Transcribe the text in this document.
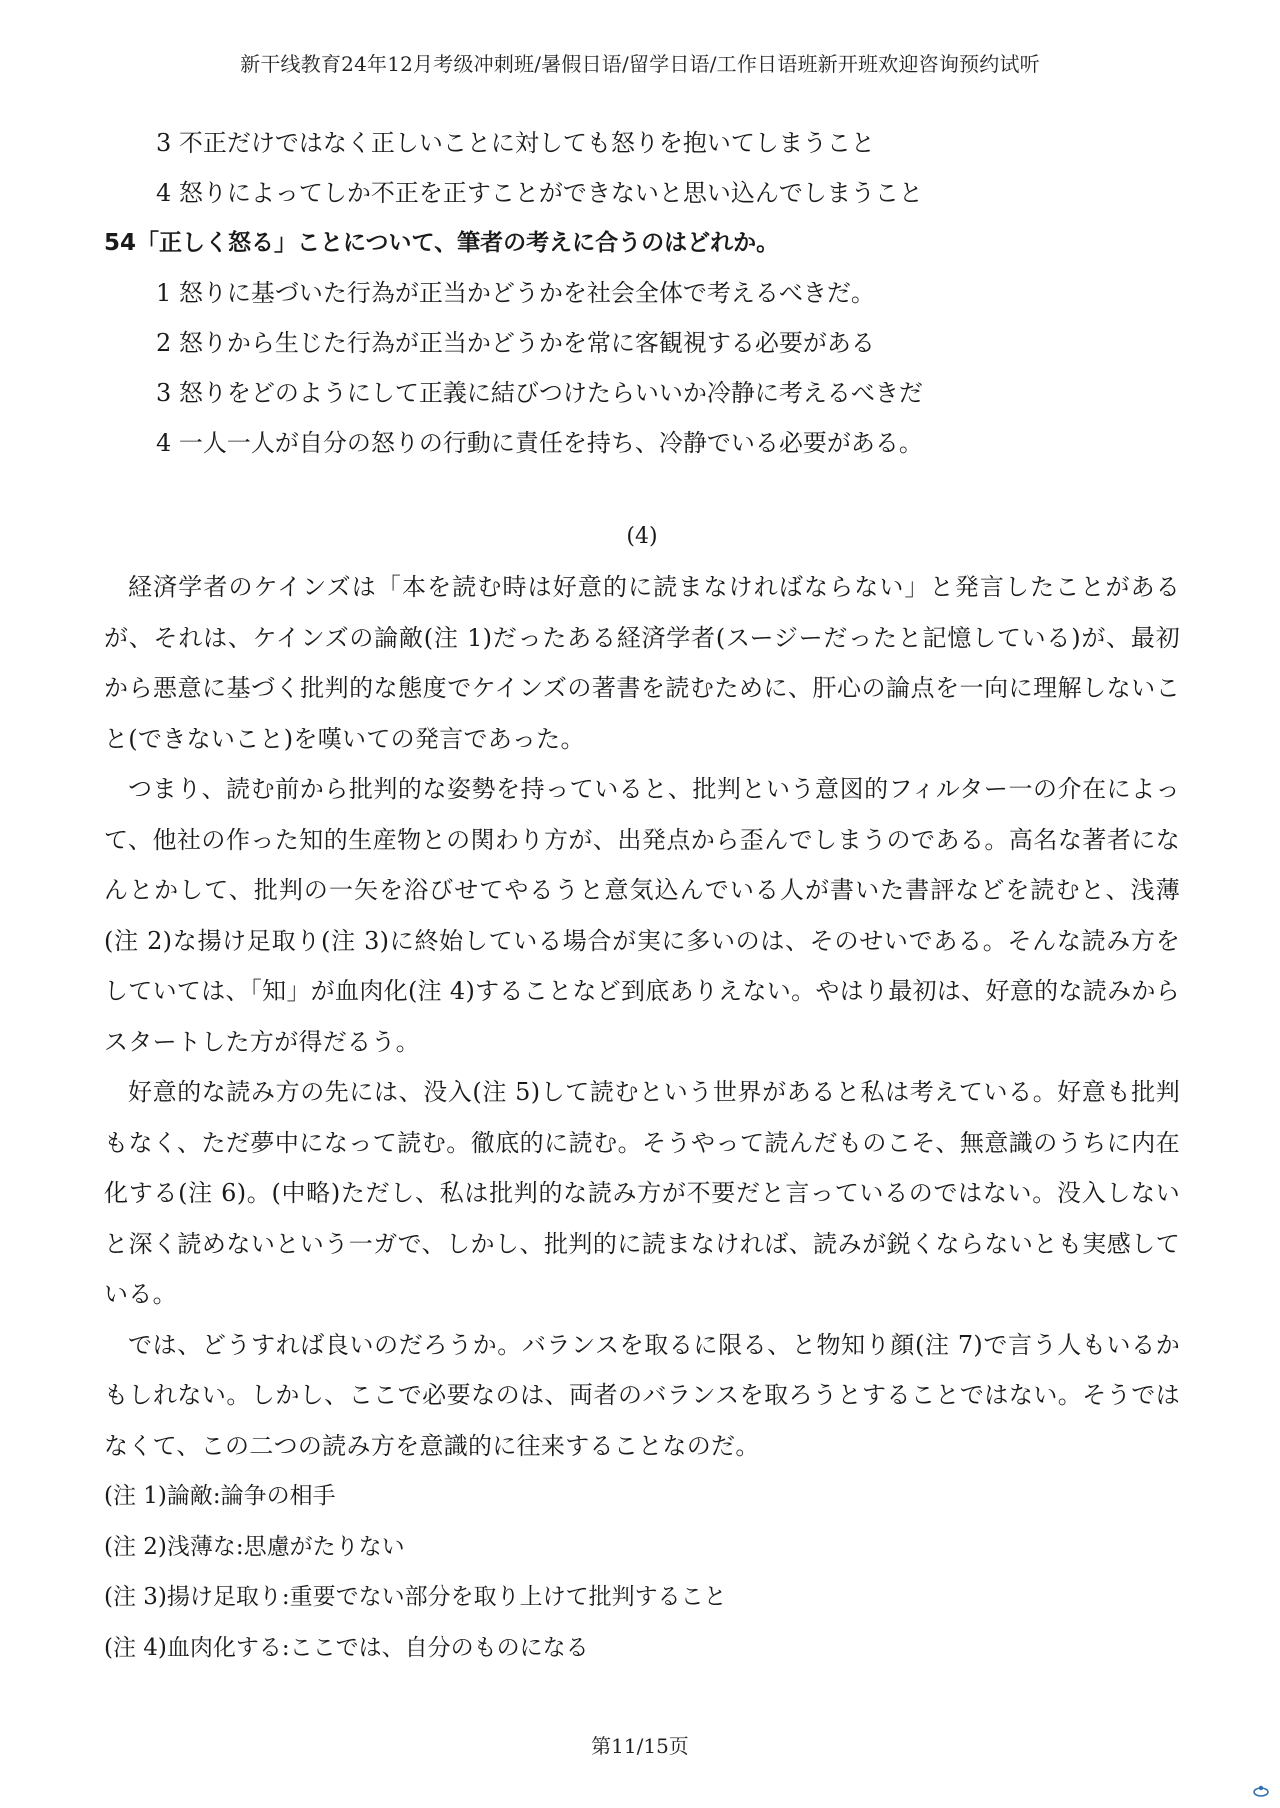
新干线教育24年12月考级冲刺班/暑假日语/留学日语/工作日语班新开班欢迎咨询预约试听
3 不正だけではなく正しいことに対しても怒りを抱いてしまうこと
4 怒りによってしか不正を正すことができないと思い込んでしまうこと
54「正しく怒る」ことについて、筆者の考えに合うのはどれか。
1 怒りに基づいた行為が正当かどうかを社会全体で考えるべきだ。
2 怒りから生じた行為が正当かどうかを常に客観視する必要がある
3 怒りをどのようにして正義に結びつけたらいいか冷静に考えるべきだ
4 一人一人が自分の怒りの行動に責任を持ち、冷静でいる必要がある。
(4)

経済学者のケインズは「本を読む時は好意的に読まなければならない」と発言したことがあるが、それは、ケインズの論敵(注 1)だったある経済学者(スージーだったと記憶している)が、最初から悪意に基づく批判的な態度でケインズの著書を読むために、肝心の論点を一向に理解しないこと(できないこと)を嘆いての発言であった。

つまり、読む前から批判的な姿勢を持っていると、批判という意図的フィルター一の介在によって、他社の作った知的生産物との関わり方が、出発点から歪んでしまうのである。高名な著者になんとかして、批判の一矢を浴びせてやるうと意気込んでいる人が書いた書評などを読むと、浅薄(注 2)な揚け足取り(注 3)に終始している場合が実に多いのは、そのせいである。そんな読み方をしていては、「知」が血肉化(注 4)することなど到底ありえない。やはり最初は、好意的な読みからスタートした方が得だるう。

好意的な読み方の先には、没入(注 5)して読むという世界があると私は考えている。好意も批判もなく、ただ夢中になって読む。徹底的に読む。そうやって読んだものこそ、無意識のうちに内在化する(注 6)。(中略)ただし、私は批判的な読み方が不要だと言っているのではない。没入しないと深く読めないという一ガで、しかし、批判的に読まなければ、読みが鋭くならないとも実感している。

では、どうすれば良いのだろうか。バランスを取るに限る、と物知り顔(注 7)で言う人もいるかもしれない。しかし、ここで必要なのは、両者のバランスを取ろうとすることではない。そうではなくて、この二つの読み方を意識的に往来することなのだ。

(注 1)論敵:論争の相手
(注 2)浅薄な:思慮がたりない
(注 3)揚け足取り:重要でない部分を取り上けて批判すること
(注 4)血肉化する:ここでは、自分のものになる
第11/15页
